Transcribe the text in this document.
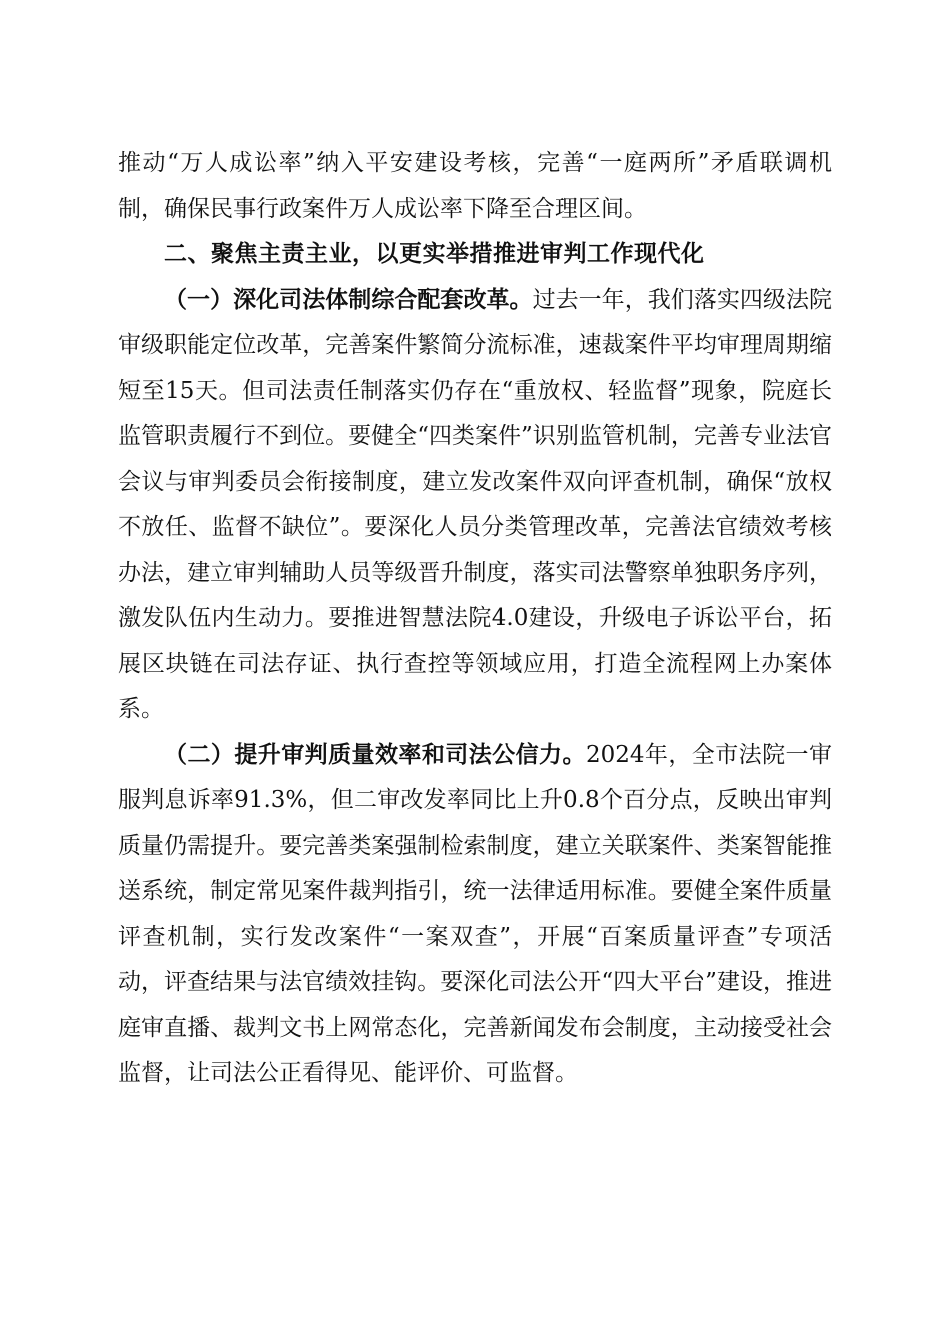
推动“万人成讼率”纳入平安建设考核，完善“一庭两所”矛盾联调机制，确保民事行政案件万人成讼率下降至合理区间。

二、聚焦主责主业，以更实举措推进审判工作现代化

（一）深化司法体制综合配套改革。过去一年，我们落实四级法院审级职能定位改革，完善案件繁简分流标准，速裁案件平均审理周期缩短至15天。但司法责任制落实仍存在“重放权、轻监督”现象，院庭长监管职责履行不到位。要健全“四类案件”识别监管机制，完善专业法官会议与审判委员会衔接制度，建立发改案件双向评查机制，确保“放权不放任、监督不缺位”。要深化人员分类管理改革，完善法官绩效考核办法，建立审判辅助人员等级晋升制度，落实司法警察单独职务序列，激发队伍内生动力。要推进智慧法院4.0建设，升级电子诉讼平台，拓展区块链在司法存证、执行查控等领域应用，打造全流程网上办案体系。

（二）提升审判质量效率和司法公信力。2024年，全市法院一审服判息诉率91.3%，但二审改发率同比上升0.8个百分点，反映出审判质量仍需提升。要完善类案强制检索制度，建立关联案件、类案智能推送系统，制定常见案件裁判指引，统一法律适用标准。要健全案件质量评查机制，实行发改案件“一案双查”，开展“百案质量评查”专项活动，评查结果与法官绩效挂钩。要深化司法公开“四大平台”建设，推进庭审直播、裁判文书上网常态化，完善新闻发布会制度，主动接受社会监督，让司法公正看得见、能评价、可监督。
